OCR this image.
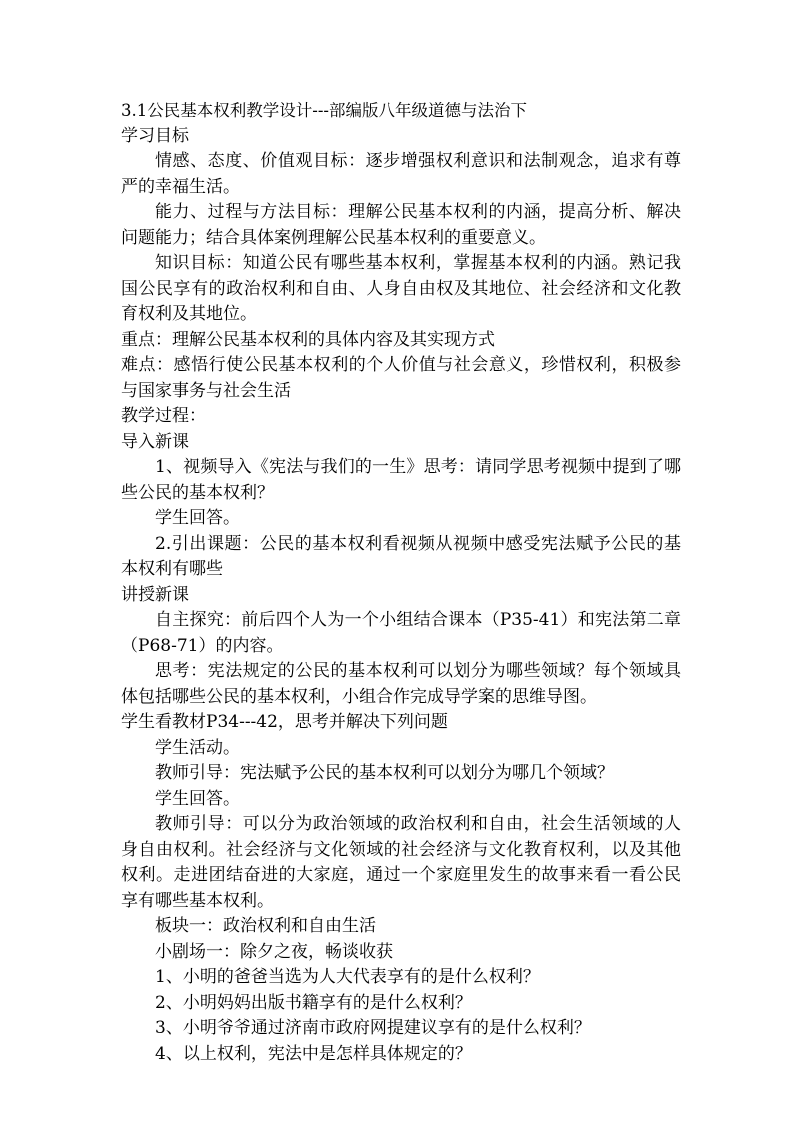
3.1公民基本权利教学设计---部编版八年级道德与法治下

学习目标

情感、态度、价值观目标：逐步增强权利意识和法制观念，追求有尊严的幸福生活。

能力、过程与方法目标：理解公民基本权利的内涵，提高分析、解决问题能力；结合具体案例理解公民基本权利的重要意义。

知识目标：知道公民有哪些基本权利，掌握基本权利的内涵。熟记我国公民享有的政治权利和自由、人身自由权及其地位、社会经济和文化教育权利及其地位。

重点：理解公民基本权利的具体内容及其实现方式

难点：感悟行使公民基本权利的个人价值与社会意义，珍惜权利，积极参与国家事务与社会生活

教学过程：

导入新课

1、视频导入《宪法与我们的一生》思考：请同学思考视频中提到了哪些公民的基本权利？

学生回答。

2.引出课题：公民的基本权利看视频从视频中感受宪法赋予公民的基本权利有哪些

讲授新课

自主探究：前后四个人为一个小组结合课本（P35-41）和宪法第二章（P68-71）的内容。

思考：宪法规定的公民的基本权利可以划分为哪些领域？每个领域具体包括哪些公民的基本权利，小组合作完成导学案的思维导图。

学生看教材P34---42，思考并解决下列问题

学生活动。

教师引导：宪法赋予公民的基本权利可以划分为哪几个领域？

学生回答。

教师引导：可以分为政治领域的政治权利和自由，社会生活领域的人身自由权利。社会经济与文化领域的社会经济与文化教育权利，以及其他权利。走进团结奋进的大家庭，通过一个家庭里发生的故事来看一看公民享有哪些基本权利。

板块一：政治权利和自由生活

小剧场一：除夕之夜，畅谈收获

1、小明的爸爸当选为人大代表享有的是什么权利？

2、小明妈妈出版书籍享有的是什么权利？

3、小明爷爷通过济南市政府网提建议享有的是什么权利？

4、以上权利，宪法中是怎样具体规定的？
